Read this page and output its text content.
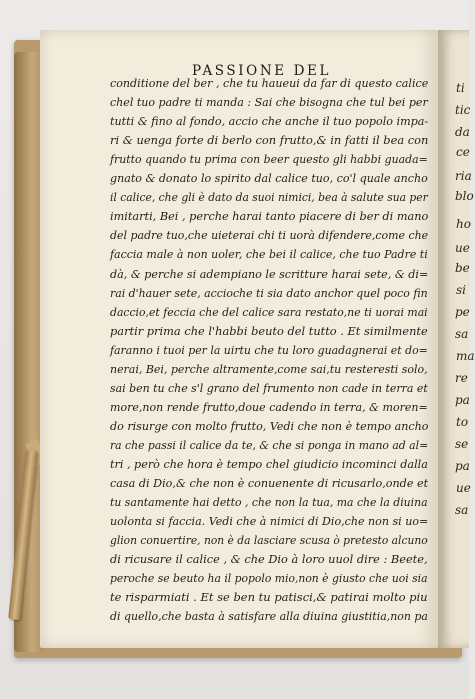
ti
tic
da
ce
ria
blo
ho
ue
be
si
pe
sa
ma
re
pa
to
se
pa
ue
sa
PASSIONE DEL
conditione del ber , che tu haueui da far di questo calice
chel tuo padre ti manda : Sai che bisogna che tul bei per
tutti & fino al fondo, accio che anche il tuo popolo impa-
ri & uenga forte di berlo con frutto,& in fatti il bea con
frutto quando tu prima con beer questo gli habbi guada=
gnato & donato lo spirito dal calice tuo, co'l quale ancho
il calice, che gli è dato da suoi nimici, bea à salute sua per
imitarti, Bei , perche harai tanto piacere di ber di mano
del padre tuo,che uieterai chi ti uorà difendere,come che
faccia male à non uoler, che bei il calice, che tuo Padre ti
dà, & perche si adempiano le scritture harai sete, & di=
rai d'hauer sete, accioche ti sia dato anchor quel poco fin
daccio,et feccia che del calice sara restato,ne ti uorai mai
partir prima che l'habbi beuto del tutto . Et similmente
faranno i tuoi per la uirtu che tu loro guadagnerai et do=
nerai, Bei, perche altramente,come sai,tu resteresti solo,
sai ben tu che s'l grano del frumento non cade in terra et
more,non rende frutto,doue cadendo in terra, & moren=
do risurge con molto frutto, Vedi che non è tempo ancho
ra che passi il calice da te, & che si ponga in mano ad al=
tri , però che hora è tempo chel giudicio incominci dalla
casa di Dio,& che non è conuenente di ricusarlo,onde et
tu santamente hai detto , che non la tua, ma che la diuina
uolonta si faccia. Vedi che à nimici di Dio,che non si uo=
glion conuertire, non è da lasciare scusa ò pretesto alcuno
di ricusare il calice , & che Dio à loro uuol dire : Beete,
peroche se beuto ha il popolo mio,non è giusto che uoi sia
te risparmiati . Et se ben tu patisci,& patirai molto piu
di quello,che basta à satisfare alla diuina giustitia,non pa
